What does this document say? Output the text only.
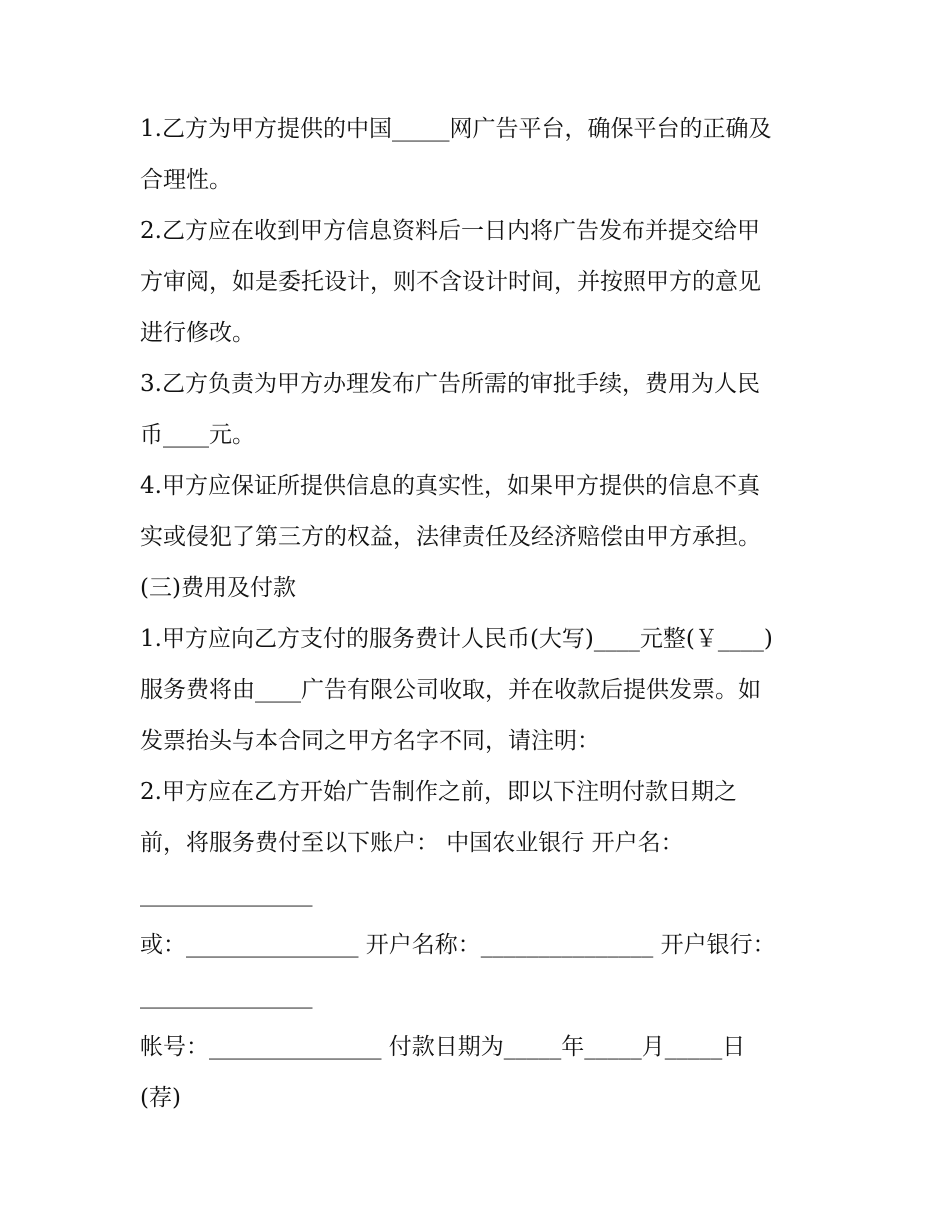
1.乙方为甲方提供的中国_____网广告平台，确保平台的正确及
合理性。
2.乙方应在收到甲方信息资料后一日内将广告发布并提交给甲
方审阅，如是委托设计，则不含设计时间，并按照甲方的意见
进行修改。
3.乙方负责为甲方办理发布广告所需的审批手续，费用为人民
币____元。
4.甲方应保证所提供信息的真实性，如果甲方提供的信息不真
实或侵犯了第三方的权益，法律责任及经济赔偿由甲方承担。
(三)费用及付款
1.甲方应向乙方支付的服务费计人民币(大写)____元整(￥____)
服务费将由____广告有限公司收取，并在收款后提供发票。如
发票抬头与本合同之甲方名字不同，请注明：
2.甲方应在乙方开始广告制作之前，即以下注明付款日期之
前，将服务费付至以下账户： 中国农业银行 开户名：
_______________
或：_______________ 开户名称：_______________ 开户银行：
_______________
帐号：_______________ 付款日期为_____年_____月_____日
(荐)
